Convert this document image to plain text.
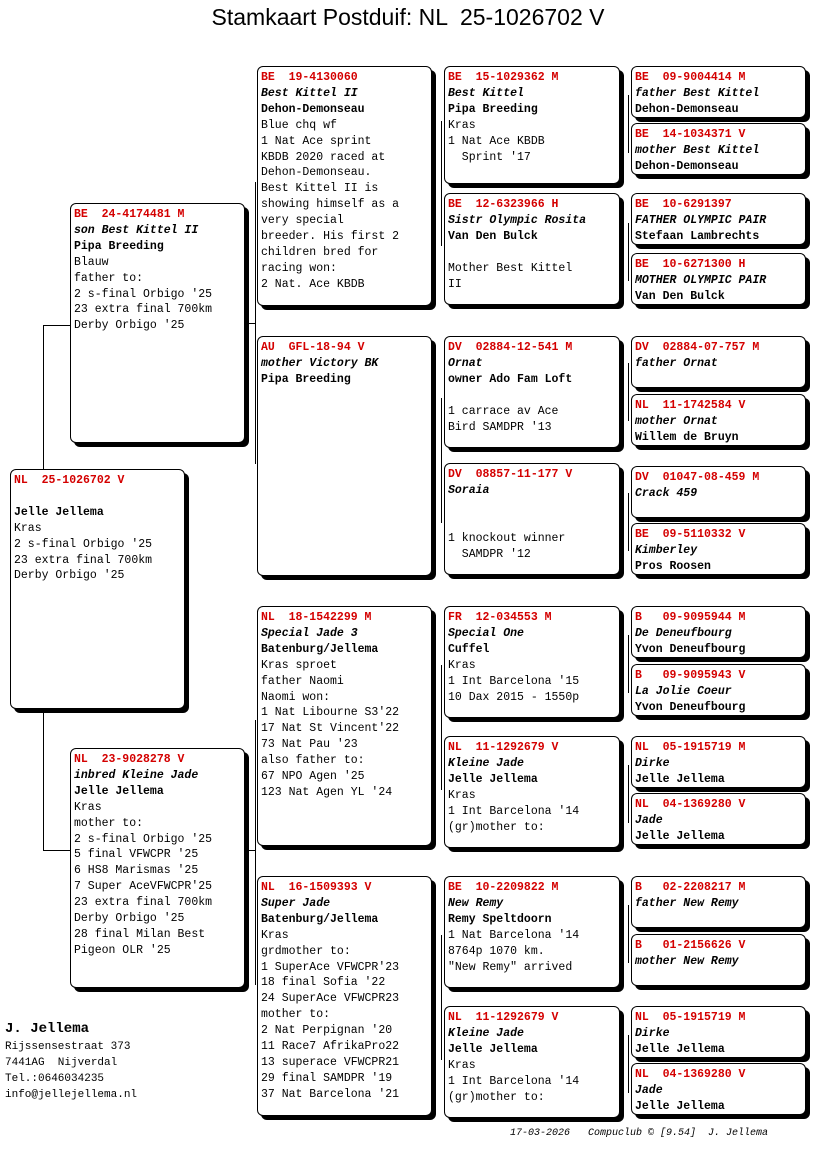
Stamkaart Postduif: NL  25-1026702 V
NL  25-1026702 V
Jelle Jellema
Kras
2 s-final Orbigo '25
23 extra final 700km
Derby Orbigo '25
BE  24-4174481 M
son Best Kittel II
Pipa Breeding
Blauw
father to:
2 s-final Orbigo '25
23 extra final 700km
Derby Orbigo '25
NL  23-9028278 V
inbred Kleine Jade
Jelle Jellema
Kras
mother to:
2 s-final Orbigo '25
5 final VFWCPR '25
6 HS8 Marismas '25
7 Super AceVFWCPR'25
23 extra final 700km
Derby Orbigo '25
28 final Milan Best
Pigeon OLR '25
BE  19-4130060
Best Kittel II
Dehon-Demonseau
Blue chq wf
1 Nat Ace sprint
KBDB 2020 raced at
Dehon-Demonseau.
Best Kittel II is
showing himself as a
very special
breeder. His first 2
children bred for
racing won:
2 Nat. Ace KBDB
AU  GFL-18-94 V
mother Victory BK
Pipa Breeding
NL  18-1542299 M
Special Jade 3
Batenburg/Jellema
Kras sproet
father Naomi
Naomi won:
1 Nat Libourne S3'22
17 Nat St Vincent'22
73 Nat Pau '23
also father to:
67 NPO Agen '25
123 Nat Agen YL '24
NL  16-1509393 V
Super Jade
Batenburg/Jellema
Kras
grdmother to:
1 SuperAce VFWCPR'23
18 final Sofia '22
24 SuperAce VFWCPR23
mother to:
2 Nat Perpignan '20
11 Race7 AfrikaPro22
13 superace VFWCPR21
29 final SAMDPR '19
37 Nat Barcelona '21
BE  15-1029362 M
Best Kittel
Pipa Breeding
Kras
1 Nat Ace KBDB
Sprint '17
BE  12-6323966 H
Sistr Olympic Rosita
Van Den Bulck
Mother Best Kittel
II
DV  02884-12-541 M
Ornat
owner Ado Fam Loft
1 carrace av Ace
Bird SAMDPR '13
DV  08857-11-177 V
Soraia
1 knockout winner
SAMDPR '12
FR  12-034553 M
Special One
Cuffel
Kras
1 Int Barcelona '15
10 Dax 2015 - 1550p
NL  11-1292679 V
Kleine Jade
Jelle Jellema
Kras
1 Int Barcelona '14
(gr)mother to:
BE  10-2209822 M
New Remy
Remy Speltdoorn
1 Nat Barcelona '14
8764p 1070 km.
"New Remy" arrived
NL  11-1292679 V
Kleine Jade
Jelle Jellema
Kras
1 Int Barcelona '14
(gr)mother to:
BE  09-9004414 M
father Best Kittel
Dehon-Demonseau
BE  14-1034371 V
mother Best Kittel
Dehon-Demonseau
BE  10-6291397
FATHER OLYMPIC PAIR
Stefaan Lambrechts
BE  10-6271300 H
MOTHER OLYMPIC PAIR
Van Den Bulck
DV  02884-07-757 M
father Ornat
NL  11-1742584 V
mother Ornat
Willem de Bruyn
DV  01047-08-459 M
Crack 459
BE  09-5110332 V
Kimberley
Pros Roosen
B   09-9095944 M
De Deneufbourg
Yvon Deneufbourg
B   09-9095943 V
La Jolie Coeur
Yvon Deneufbourg
NL  05-1915719 M
Dirke
Jelle Jellema
NL  04-1369280 V
Jade
Jelle Jellema
B   02-2208217 M
father New Remy
B   01-2156626 V
mother New Remy
NL  05-1915719 M
Dirke
Jelle Jellema
NL  04-1369280 V
Jade
Jelle Jellema
J. Jellema
Rijssensestraat 373
7441AG  Nijverdal
Tel.:0646034235
info@jellejellema.nl
17-03-2026   Compuclub © [9.54]  J. Jellema
